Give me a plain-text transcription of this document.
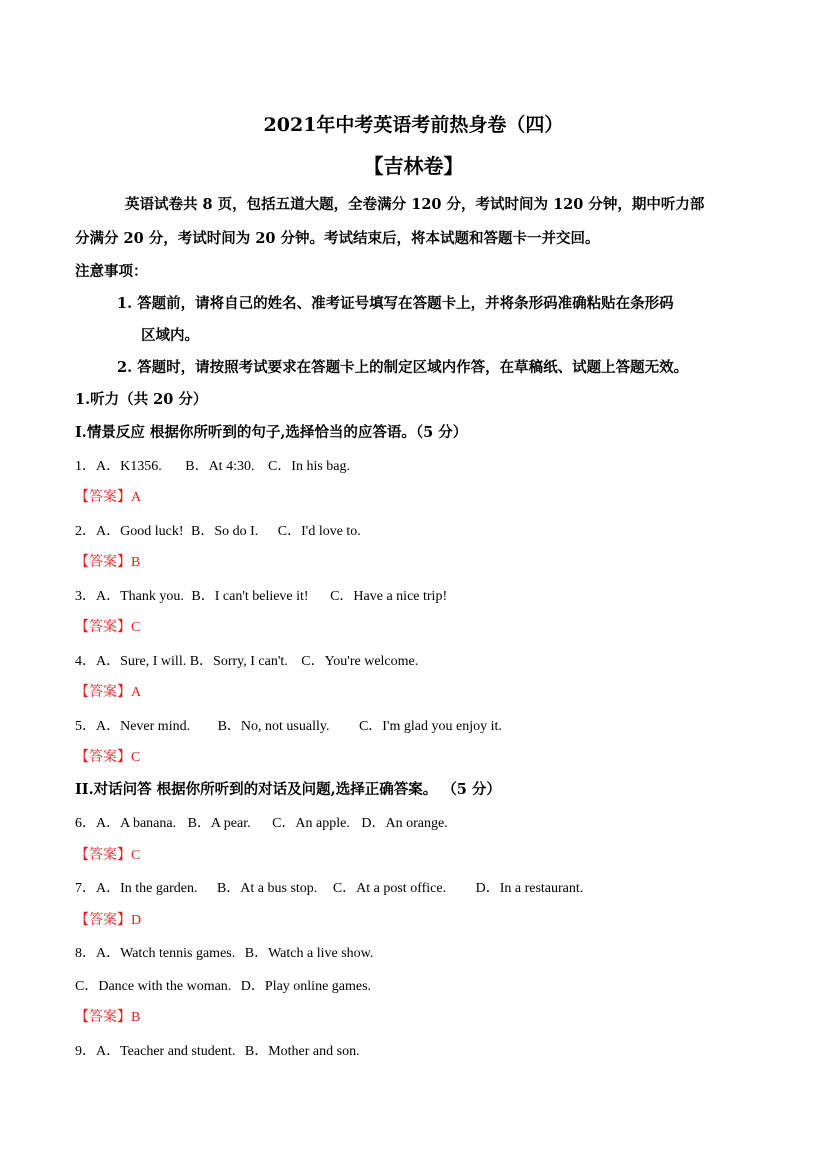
2021年中考英语考前热身卷（四）
【吉林卷】
英语试卷共 8 页，包括五道大题，全卷满分 120 分，考试时间为 120 分钟，期中听力部
分满分 20 分，考试时间为 20 分钟。考试结束后，将本试题和答题卡一并交回。
注意事项：
1. 答题前，请将自己的姓名、准考证号填写在答题卡上，并将条形码准确粘贴在条形码
区域内。
2. 答题时，请按照考试要求在答题卡上的制定区域内作答，在草稿纸、试题上答题无效。
1.听力（共 20 分）
I.情景反应 根据你所听到的句子,选择恰当的应答语。（5 分）
1．A．K1356. B．At 4:30. C．In his bag.
【答案】A
2．A．Good luck! B．So do I. C．I'd love to.
【答案】B
3．A．Thank you. B．I can't believe it! C．Have a nice trip!
【答案】C
4．A．Sure, I will. B．Sorry, I can't. C．You're welcome.
【答案】A
5．A．Never mind. B．No, not usually. C．I'm glad you enjoy it.
【答案】C
II.对话问答 根据你所听到的对话及问题,选择正确答案。 （5 分）
6．A．A banana. B．A pear. C．An apple. D．An orange.
【答案】C
7．A．In the garden. B．At a bus stop. C．At a post office. D．In a restaurant.
【答案】D
8．A．Watch tennis games. B．Watch a live show.
C．Dance with the woman. D．Play online games.
【答案】B
9．A．Teacher and student. B．Mother and son.
